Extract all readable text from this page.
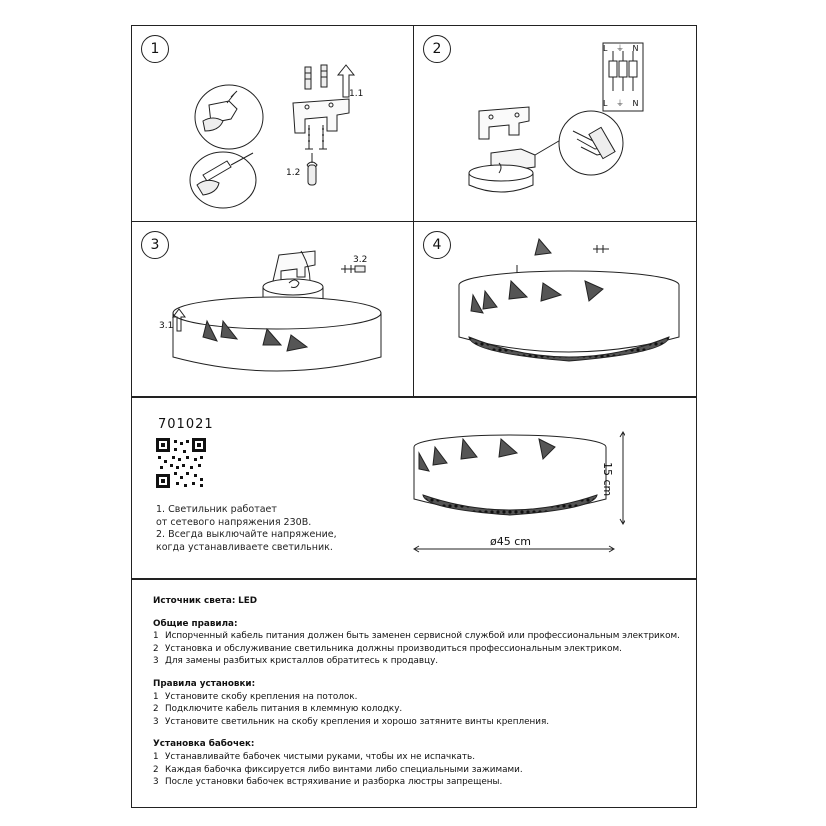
1
1.1
1.2
2	L ⏚ N
L ⏚ N
3
3.2
3.1
4
701021
1. Светильник работает
от сетевого напряжения 230В.
2. Всегда выключайте напряжение,
когда устанавливаете светильник.	ø45 cm
15 cm
Источник света: LED
Общие правила:
1 Испорченный кабель питания должен быть заменен сервисной службой или профессиональным электриком.
2 Установка и обслуживание светильника должны производиться профессиональным электриком.
3 Для замены разбитых кристаллов обратитесь к продавцу.
Правила установки:
1 Установите скобу крепления на потолок.
2 Подключите кабель питания в клеммную колодку.
3 Установите светильник на скобу крепления и хорошо затяните винты крепления.
Установка бабочек:
1 Устанавливайте бабочек чистыми руками, чтобы их не испачкать.
2 Каждая бабочка фиксируется либо винтами либо специальными зажимами.
3 После установки бабочек встряхивание и разборка люстры запрещены.
